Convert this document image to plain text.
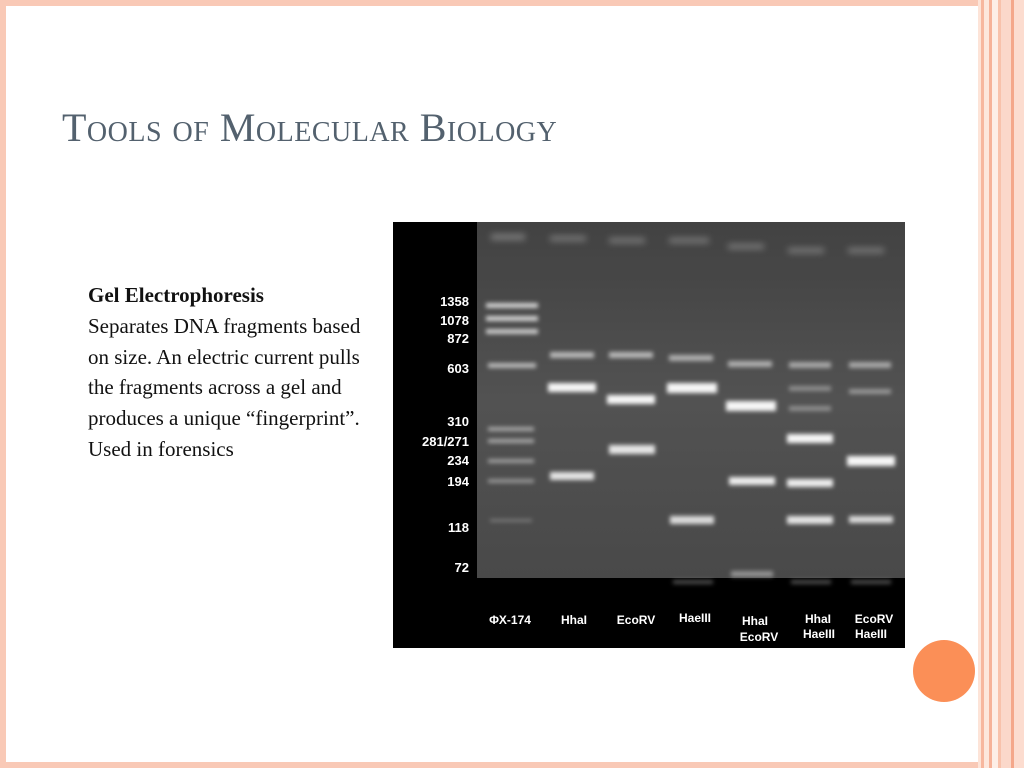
Tools of Molecular Biology
Gel Electrophoresis
Separates DNA fragments based on size. An electric current pulls the fragments across a gel and produces a unique “fingerprint”. Used in forensics
1358
1078
872
603
310
281/271
234
194
118
72
ΦX-174	HhaI EcoRV HaeIII	HhaI
EcoRV
HhaI
HaeIII
EcoRV
HaeIII
